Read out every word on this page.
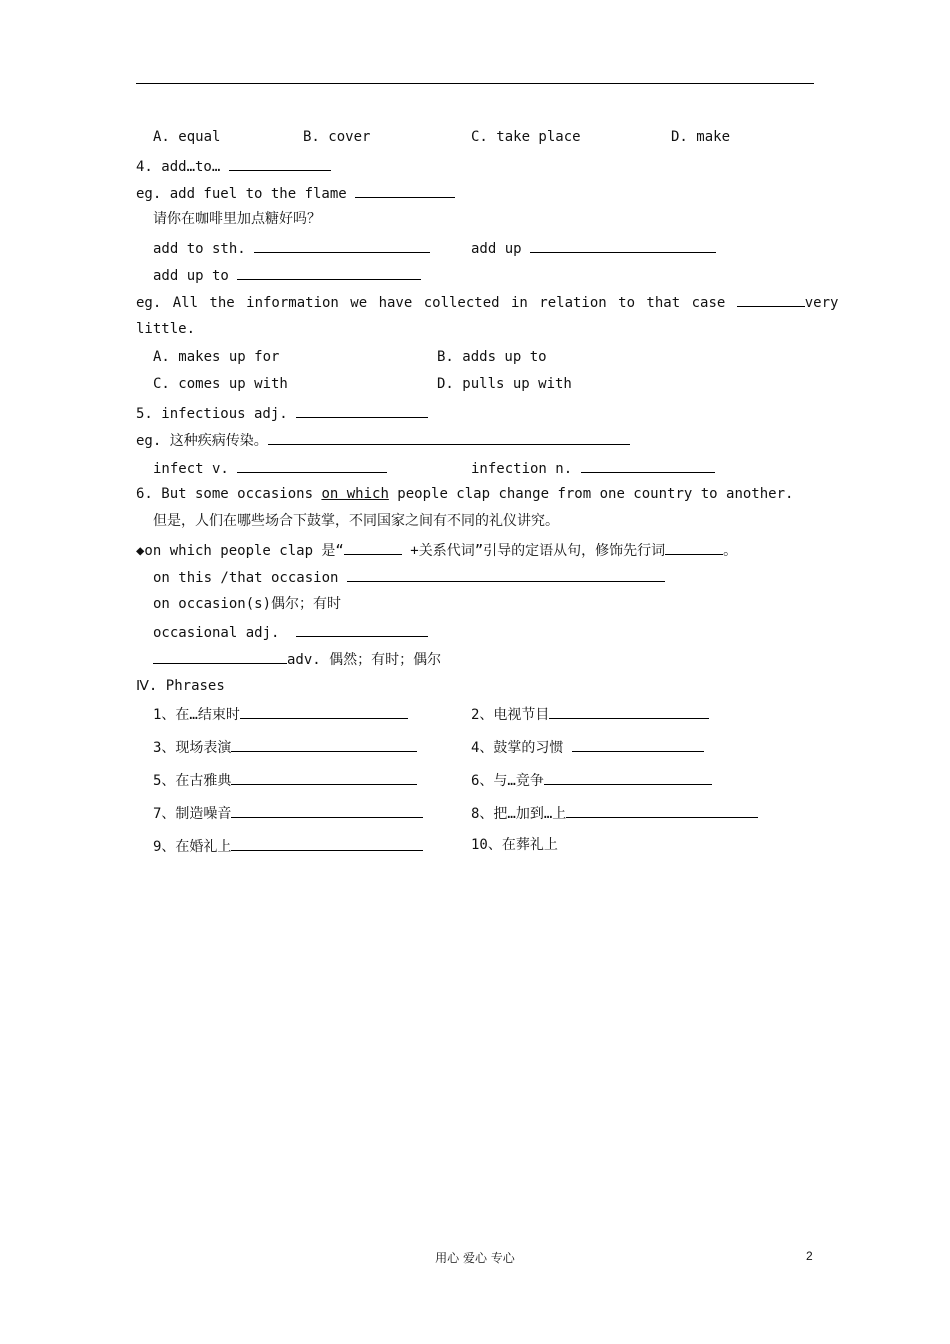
A. equal	B. cover	C. take place	D. make
4. add…to…
eg. add fuel to the flame
请你在咖啡里加点糖好吗？
add to sth.	add up
add up to
eg. All the information we have collected in relation to that case	very
little.
A. makes up for	B. adds up to
C. comes up with	D. pulls up with
5. infectious adj.
eg. 这种疾病传染。
infect v.	infection n.
6. But some occasions on which people clap change from one country to another.
但是，人们在哪些场合下鼓掌，不同国家之间有不同的礼仪讲究。
◆on which people clap 是“	+关系代词”引导的定语从句，修饰先行词	。
on this /that occasion
on occasion(s)偶尔；有时
occasional adj.
adv. 偶然；有时；偶尔
Ⅳ. Phrases
1、在…结束时	2、电视节目
3、现场表演	4、鼓掌的习惯
5、在古雅典	6、与…竞争
7、制造噪音	8、把…加到…上
9、在婚礼上	10、在葬礼上
用心 爱心 专心	2
